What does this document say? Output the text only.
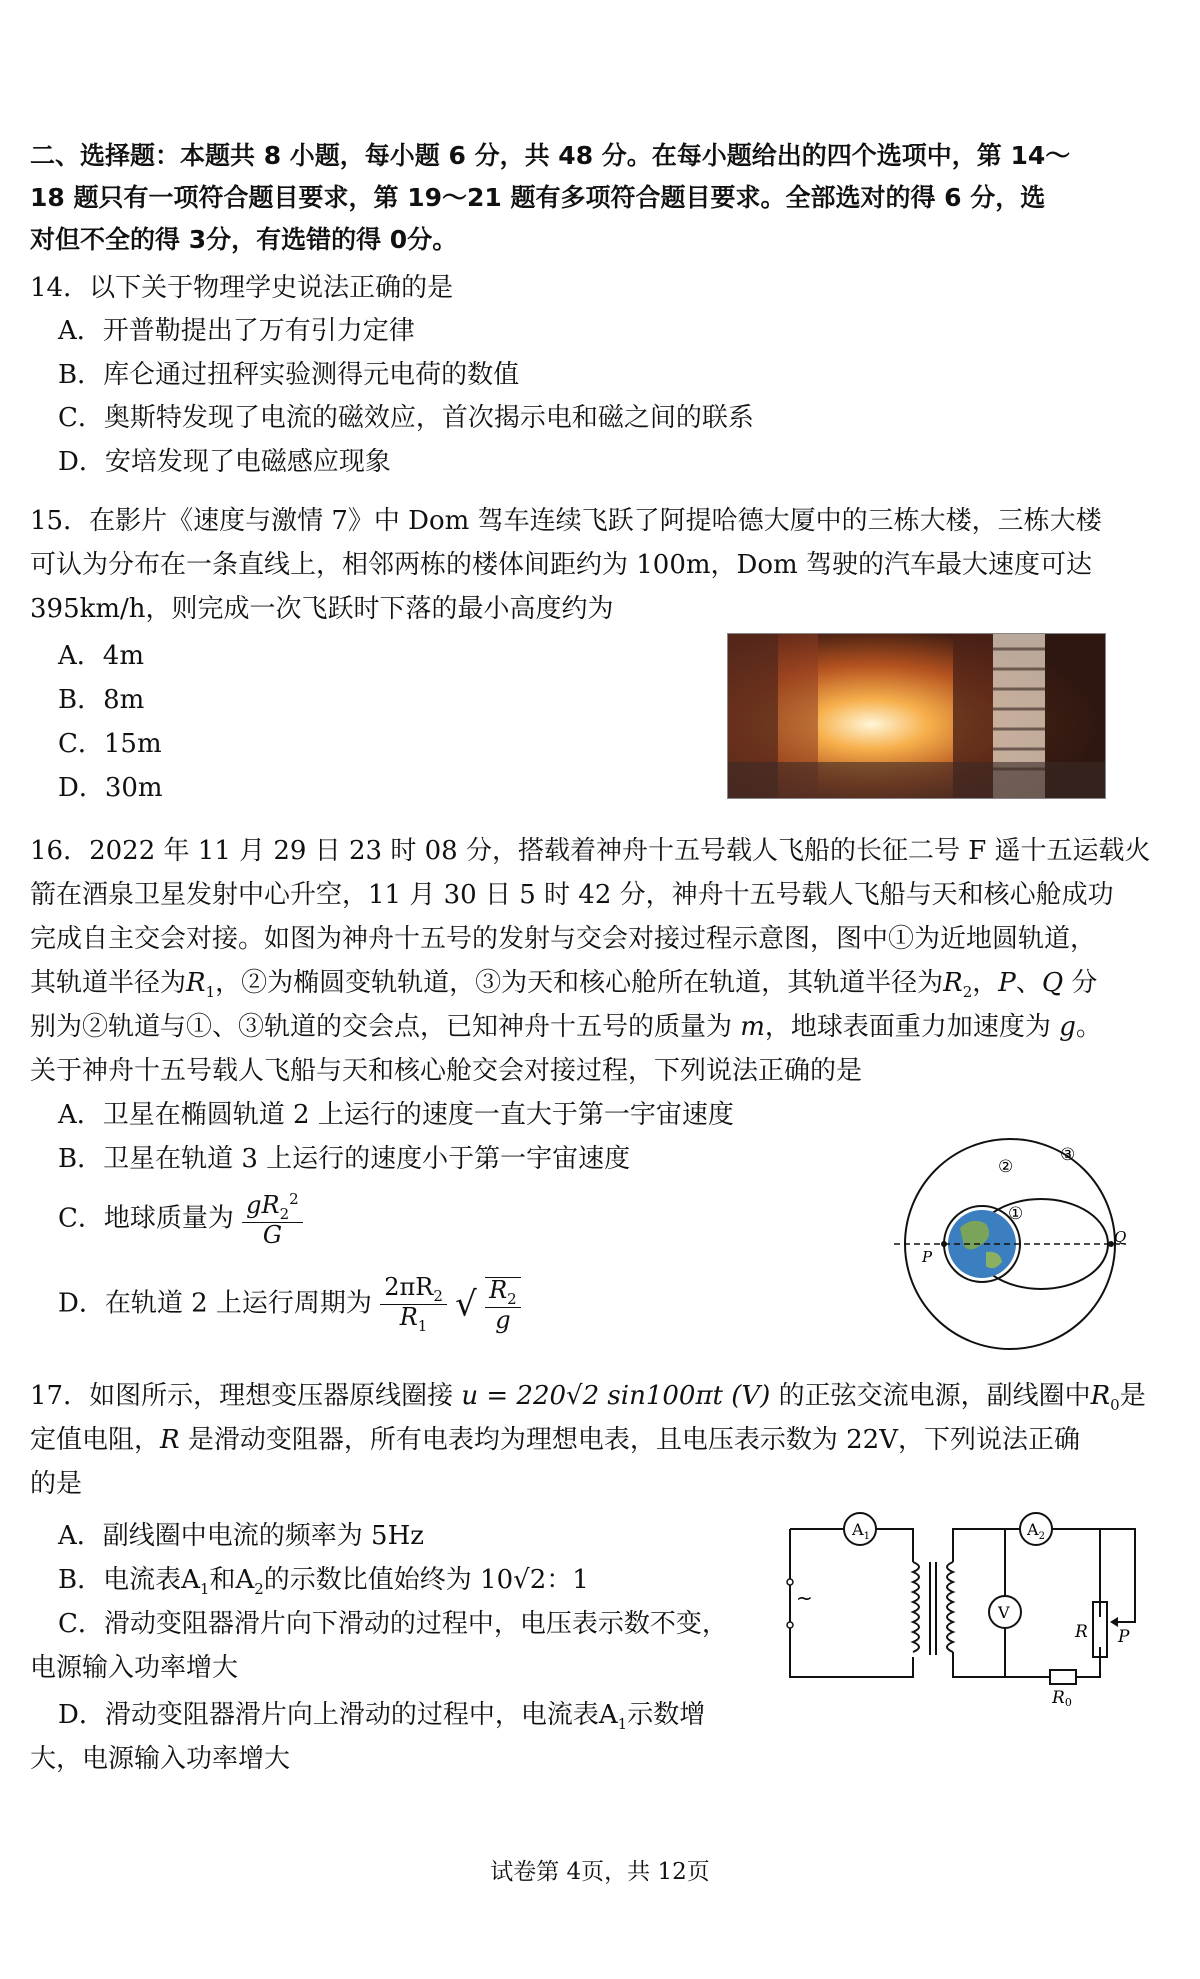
二、选择题：本题共 8 小题，每小题 6 分，共 48 分。在每小题给出的四个选项中，第 14～
18 题只有一项符合题目要求，第 19～21 题有多项符合题目要求。全部选对的得 6 分，选
对但不全的得 3分，有选错的得 0分。
14．以下关于物理学史说法正确的是
A．开普勒提出了万有引力定律
B．库仑通过扭秤实验测得元电荷的数值
C．奥斯特发现了电流的磁效应，首次揭示电和磁之间的联系
D．安培发现了电磁感应现象
15．在影片《速度与激情 7》中 Dom 驾车连续飞跃了阿提哈德大厦中的三栋大楼，三栋大楼
可认为分布在一条直线上，相邻两栋的楼体间距约为 100m，Dom 驾驶的汽车最大速度可达
395km/h，则完成一次飞跃时下落的最小高度约为
A．4m
B．8m
C．15m
D．30m
16．2022 年 11 月 29 日 23 时 08 分，搭载着神舟十五号载人飞船的长征二号 F 遥十五运载火
箭在酒泉卫星发射中心升空，11 月 30 日 5 时 42 分，神舟十五号载人飞船与天和核心舱成功
完成自主交会对接。如图为神舟十五号的发射与交会对接过程示意图，图中①为近地圆轨道，
其轨道半径为$R_1$，②为椭圆变轨轨道，③为天和核心舱所在轨道，其轨道半径为$R_2$，P、Q 分
别为②轨道与①、③轨道的交会点，已知神舟十五号的质量为 m，地球表面重力加速度为 g。
关于神舟十五号载人飞船与天和核心舱交会对接过程，下列说法正确的是
A．卫星在椭圆轨道 2 上运行的速度一直大于第一宇宙速度
B．卫星在轨道 3 上运行的速度小于第一宇宙速度
C．地球质量为 $\frac{gR_2^2}{G}$
D．在轨道 2 上运行周期为 $\frac{2\pi R_2}{R_1}$ √ $\frac{R_2}{g}$
P
Q
①
②
③
17．如图所示，理想变压器原线圈接 u = 220√2 sin100πt (V) 的正弦交流电源，副线圈中$R_0$是
定值电阻，R 是滑动变阻器，所有电表均为理想电表，且电压表示数为 22V，下列说法正确
的是
A．副线圈中电流的频率为 5Hz
B．电流表$A_1$和$A_2$的示数比值始终为 10√2：1
C．滑动变阻器滑片向下滑动的过程中，电压表示数不变，
电源输入功率增大
D．滑动变阻器滑片向上滑动的过程中，电流表$A_1$示数增
大，电源输入功率增大
~
$A_1$	$A_2$
V
R P
R0
试卷第 4页，共 12页
